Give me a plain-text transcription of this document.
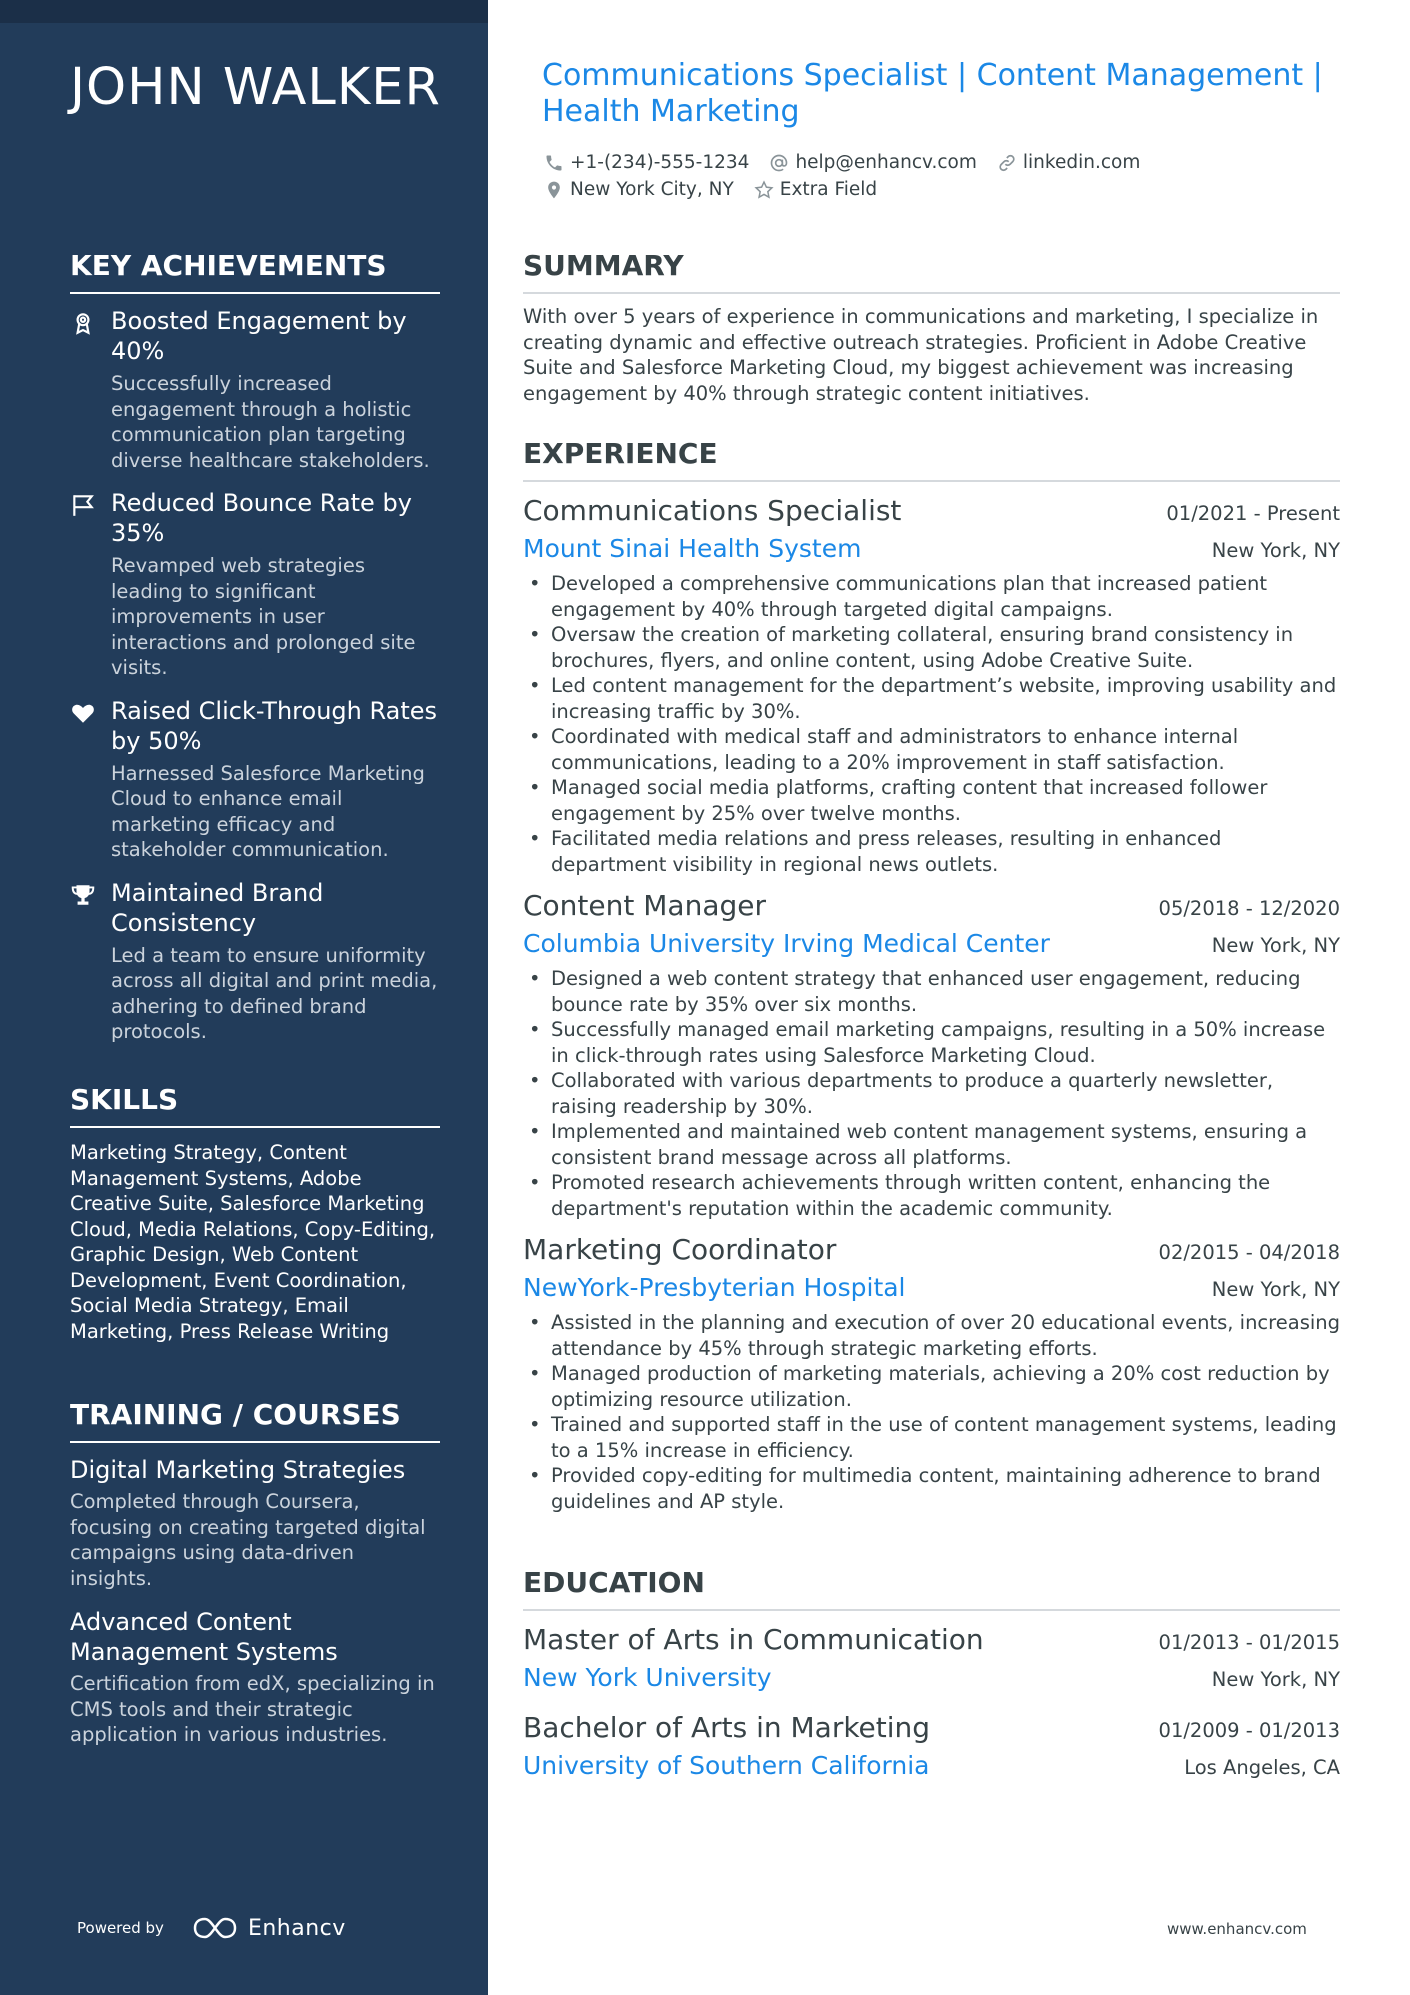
JOHN WALKER
KEY ACHIEVEMENTS
Boosted Engagement by 40%
Successfully increased engagement through a holistic communication plan targeting diverse healthcare stakeholders.
Reduced Bounce Rate by 35%
Revamped web strategies leading to significant improvements in user interactions and prolonged site visits.
Raised Click-Through Rates by 50%
Harnessed Salesforce Marketing Cloud to enhance email marketing efficacy and stakeholder communication.
Maintained Brand Consistency
Led a team to ensure uniformity across all digital and print media, adhering to defined brand protocols.
SKILLS
Marketing Strategy, Content Management Systems, Adobe Creative Suite, Salesforce Marketing Cloud, Media Relations, Copy-Editing, Graphic Design, Web Content Development, Event Coordination, Social Media Strategy, Email Marketing, Press Release Writing
TRAINING / COURSES
Digital Marketing Strategies
Completed through Coursera, focusing on creating targeted digital campaigns using data-driven insights.
Advanced Content Management Systems
Certification from edX, specializing in CMS tools and their strategic application in various industries.
Powered by	Enhancv
Communications Specialist | Content Management | Health Marketing
+1-(234)-555-1234 help@enhancv.com linkedin.com
New York City, NY Extra Field
SUMMARY

With over 5 years of experience in communications and marketing, I specialize in creating dynamic and effective outreach strategies. Proficient in Adobe Creative Suite and Salesforce Marketing Cloud, my biggest achievement was increasing engagement by 40% through strategic content initiatives.

EXPERIENCE
Communications Specialist	01/2021 - Present
Mount Sinai Health System	New York, NY
• Developed a comprehensive communications plan that increased patient engagement by 40% through targeted digital campaigns.
• Oversaw the creation of marketing collateral, ensuring brand consistency in brochures, flyers, and online content, using Adobe Creative Suite.
• Led content management for the department’s website, improving usability and increasing traffic by 30%.
• Coordinated with medical staff and administrators to enhance internal communications, leading to a 20% improvement in staff satisfaction.
• Managed social media platforms, crafting content that increased follower engagement by 25% over twelve months.
• Facilitated media relations and press releases, resulting in enhanced department visibility in regional news outlets.
Content Manager	05/2018 - 12/2020
Columbia University Irving Medical Center	New York, NY
• Designed a web content strategy that enhanced user engagement, reducing bounce rate by 35% over six months.
• Successfully managed email marketing campaigns, resulting in a 50% increase in click-through rates using Salesforce Marketing Cloud.
• Collaborated with various departments to produce a quarterly newsletter, raising readership by 30%.
• Implemented and maintained web content management systems, ensuring a consistent brand message across all platforms.
• Promoted research achievements through written content, enhancing the department's reputation within the academic community.
Marketing Coordinator	02/2015 - 04/2018
NewYork-Presbyterian Hospital	New York, NY
• Assisted in the planning and execution of over 20 educational events, increasing attendance by 45% through strategic marketing efforts.
• Managed production of marketing materials, achieving a 20% cost reduction by optimizing resource utilization.
• Trained and supported staff in the use of content management systems, leading to a 15% increase in efficiency.
• Provided copy-editing for multimedia content, maintaining adherence to brand guidelines and AP style.
EDUCATION
Master of Arts in Communication	01/2013 - 01/2015
New York University	New York, NY
Bachelor of Arts in Marketing	01/2009 - 01/2013
University of Southern California	Los Angeles, CA
www.enhancv.com
